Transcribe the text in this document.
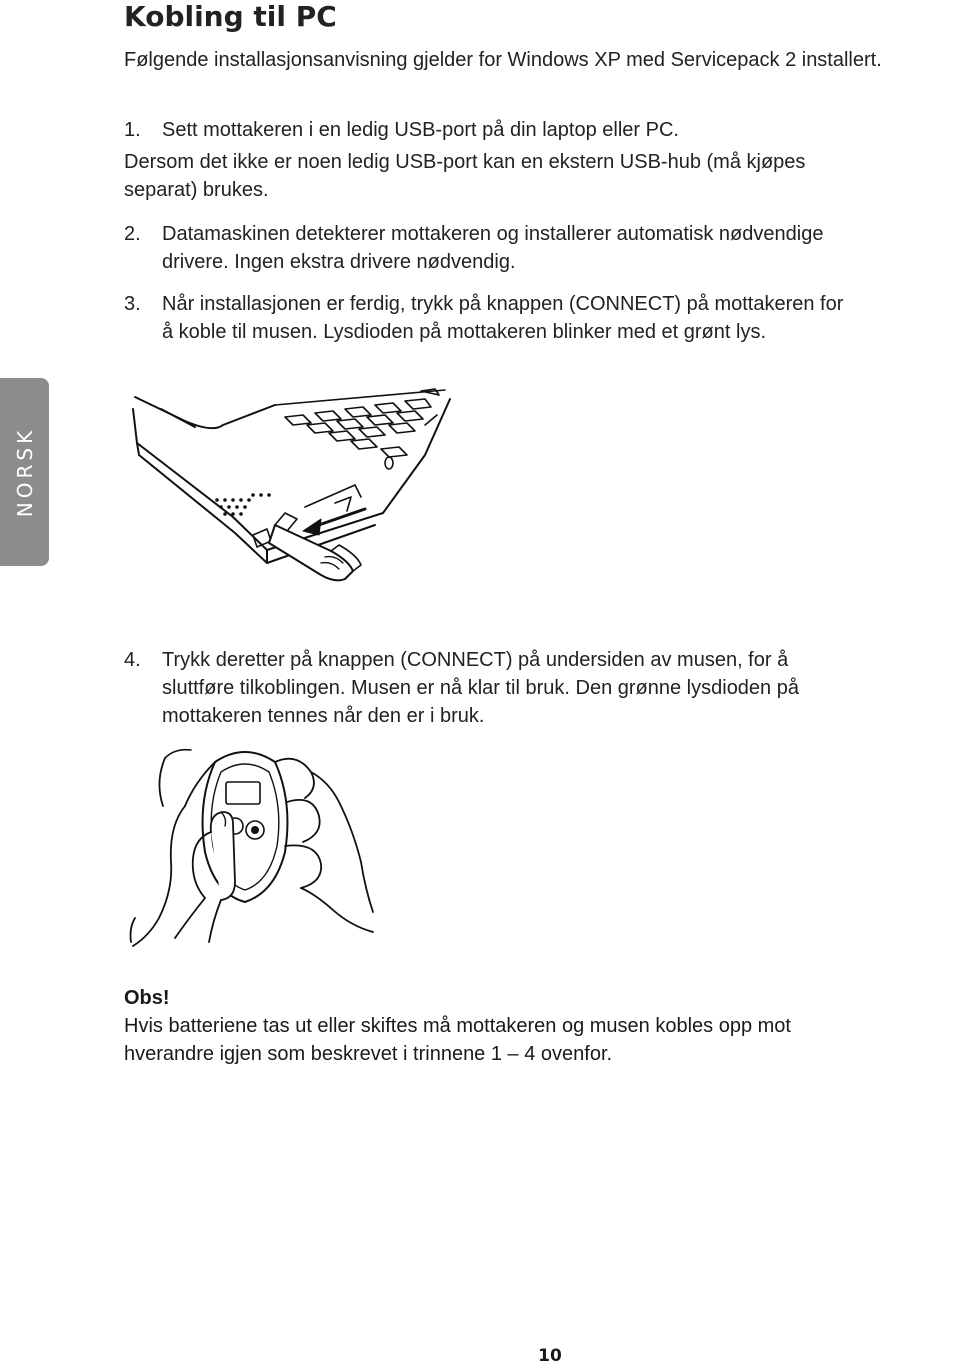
Kobling til PC
Følgende installasjonsanvisning gjelder for Windows XP med Servicepack 2 installert.
1. Sett mottakeren i en ledig USB-port på din laptop eller PC.
Dersom det ikke er noen ledig USB-port kan en ekstern USB-hub (må kjøpes
separat) brukes.
2. Datamaskinen detekterer mottakeren og installerer automatisk nødvendige
drivere. Ingen ekstra drivere nødvendig.
3. Når installasjonen er ferdig, trykk på knappen (CONNECT) på mottakeren for
å koble til musen. Lysdioden på mottakeren blinker med et grønt lys.
NORSK
4. Trykk deretter på knappen (CONNECT) på undersiden av musen, for å
sluttføre tilkoblingen. Musen er nå klar til bruk. Den grønne lysdioden på
mottakeren tennes når den er i bruk.
Obs!
Hvis batteriene tas ut eller skiftes må mottakeren og musen kobles opp mot
hverandre igjen som beskrevet i trinnene 1 – 4 ovenfor.
10
